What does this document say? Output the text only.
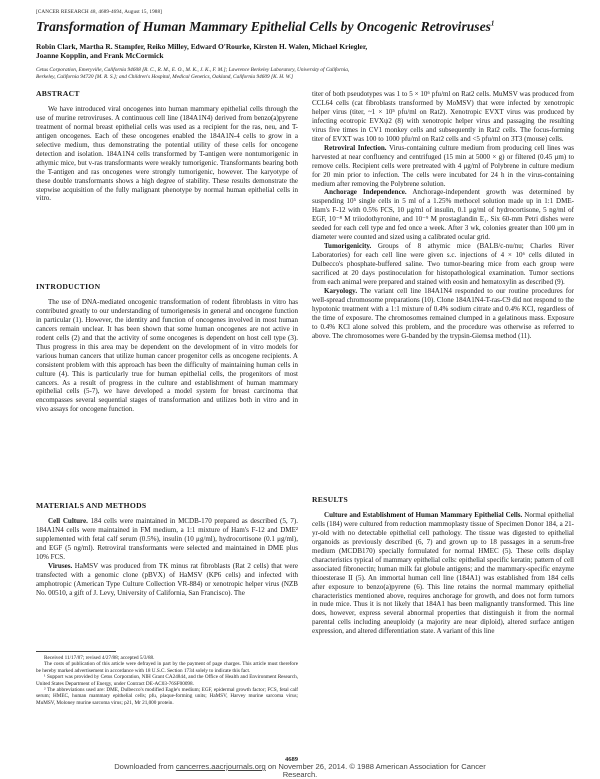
[CANCER RESEARCH 48, 4689-4694, August 15, 1988]
Transformation of Human Mammary Epithelial Cells by Oncogenic Retroviruses$^1$
Robin Clark, Martha R. Stampfer, Reiko Milley, Edward O'Rourke, Kirsten H. Walen, Michael Kriegler,
Joanne Kopplin, and Frank McCormick
Cetus Corporation, Emeryville, California 94608 [R. C., R. M., E. O., M. K., J. K., F. M.]; Lawrence Berkeley Laboratory, University of California,
Berkeley, California 94720 [M. R. S.]; and Children's Hospital, Medical Genetics, Oakland, California 94609 [K. H. W.]
ABSTRACT

We have introduced viral oncogenes into human mammary epithelial cells through the use of murine retroviruses. A continuous cell line (184A1N4) derived from benzo(a)pyrene treatment of normal breast epithelial cells was used as a recipient for the ras, neu, and T-antigen oncogenes. Each of these oncogenes enabled the 184A1N-4 cells to grow in a selective medium, thus demonstrating the potential utility of these cells for oncogene detection and isolation. 184A1N4 cells transformed by T-antigen were nontumorigenic in athymic mice, but v-ras transformants were weakly tumorigenic. Transformants bearing both the T-antigen and ras oncogenes were strongly tumorigenic, however. The karyotype of these double transformants shows a high degree of stability. These results demonstrate the stepwise acquisition of the fully malignant phenotype by normal human epithelial cells in vitro.

INTRODUCTION

The use of DNA-mediated oncogenic transformation of rodent fibroblasts in vitro has contributed greatly to our understanding of tumorigenesis in general and oncogene function in particular (1). However, the identity and function of oncogenes involved in most human cancers remain unclear. It has been shown that some human oncogenes are not active in rodent cells (2) and that the activity of some oncogenes is dependent on host cell type (3). Thus progress in this area may be dependent on the development of in vitro models for various human cancers that utilize human cancer progenitor cells as oncogene recipients. A consistent problem with this approach has been the difficulty of maintaining human cells in culture (4). This is particularly true for human epithelial cells, the progenitors of most cancers. As a result of progress in the culture and establishment of human mammary epithelial cells (5-7), we have developed a model system for breast carcinoma that encompasses several sequential stages of transformation and utilizes both in vitro and in vivo assays for oncogene function.

MATERIALS AND METHODS

Cell Culture. 184 cells were maintained in MCDB-170 prepared as described (5, 7). 184A1N4 cells were maintained in FM medium, a 1:1 mixture of Ham's F-12 and DME² supplemented with fetal calf serum (0.5%), insulin (10 μg/ml), hydrocortisone (0.1 μg/ml), and EGF (5 ng/ml). Retroviral transformants were selected and maintained in DME plus 10% FCS.

Viruses. HaMSV was produced from TK minus rat fibroblasts (Rat 2 cells) that were transfected with a genomic clone (pBVX) of HaMSV (KP6 cells) and infected with amphotropic (American Type Culture Collection VR-884) or xenotropic helper virus (NZB No. 00510, a gift of J. Levy, University of California, San Francisco). The

Received 11/17/87; revised 4/27/88; accepted 5/3/88.

The costs of publication of this article were defrayed in part by the payment of page charges. This article must therefore be hereby marked advertisement in accordance with 18 U.S.C. Section 1734 solely to indicate this fact.

¹ Support was provided by Cetus Corporation, NIH Grant CA24844, and the Office of Health and Environment Research, United States Department of Energy, under Contract DE-AC03-76SF00098.

² The abbreviations used are: DME, Dulbecco's modified Eagle's medium; EGF, epidermal growth factor; FCS, fetal calf serum; HMEC, human mammary epithelial cells; pfu, plaque-forming units; HaMSV, Harvey murine sarcoma virus; MuMSV, Moloney murine sarcoma virus; p21, Mr 21,000 protein.

titer of both pseudotypes was 1 to 5 × 10⁶ pfu/ml on Rat2 cells. MuMSV was produced from CCL64 cells (cat fibroblasts transformed by MoMSV) that were infected by xenotropic helper virus (titer, ~1 × 10⁵ pfu/ml on Rat2). Xenotropic EVXT virus was produced by infecting ecotropic EVXψ2 (8) with xenotropic helper virus and passaging the resulting virus five times in CV1 monkey cells and subsequently in Rat2 cells. The focus-forming titer of EVXT was 100 to 1000 pfu/ml on Rat2 cells and <5 pfu/ml on 3T3 (mouse) cells.

Retroviral Infection. Virus-containing culture medium from producing cell lines was harvested at near confluency and centrifuged (15 min at 5000 × g) or filtered (0.45 μm) to remove cells. Recipient cells were pretreated with 4 μg/ml of Polybrene in culture medium for 20 min prior to infection. The cells were incubated for 24 h in the virus-containing medium after removing the Polybrene solution.

Anchorage Independence. Anchorage-independent growth was determined by suspending 10⁵ single cells in 5 ml of a 1.25% methocel solution made up in 1:1 DME-Ham's F-12 with 0.5% FCS, 10 μg/ml of insulin, 0.1 μg/ml of hydrocortisone, 5 ng/ml of EGF, 10⁻⁸ M triiodothyronine, and 10⁻⁹ M prostaglandin E₁. Six 60-mm Petri dishes were seeded for each cell type and fed once a week. After 3 wk, colonies greater than 100 μm in diameter were counted and sized using a calibrated ocular grid.

Tumorigenicity. Groups of 8 athymic mice (BALB/c-nu/nu; Charles River Laboratories) for each cell line were given s.c. injections of 4 × 10⁶ cells diluted in Dulbecco's phosphate-buffered saline. Two tumor-bearing mice from each group were sacrificed at 20 days postinoculation for histopathological examination. Tumor sections from each animal were prepared and stained with eosin and hematoxylin as described (9).

Karyology. The variant cell line 184A1N4 responded to our routine procedures for well-spread chromosome preparations (10). Clone 184A1N4-T-ras-C9 did not respond to the hypotonic treatment with a 1:1 mixture of 0.4% sodium citrate and 0.4% KCl, regardless of the time of exposure. The chromosomes remained clumped in a gelatinous mass. Exposure to 0.4% KCl alone solved this problem, and the procedure was otherwise as referred to above. The chromosomes were G-banded by the trypsin-Giemsa method (11).

RESULTS

Culture and Establishment of Human Mammary Epithelial Cells. Normal epithelial cells (184) were cultured from reduction mammoplasty tissue of Specimen Donor 184, a 21-yr-old with no detectable epithelial cell pathology. The tissue was digested to epithelial organoids as previously described (6, 7) and grown up to 18 passages in a serum-free medium (MCDB170) specially formulated for normal HMEC (5). These cells display characteristics typical of mammary epithelial cells: epithelial specific keratin; pattern of cell associated fibronectin; human milk fat globule antigens; and the mammary-specific enzyme thioesterase II (5). An immortal human cell line (184A1) was established from 184 cells after exposure to benzo(a)pyrene (6). This line retains the normal mammary epithelial characteristics mentioned above, requires anchorage for growth, and does not form tumors in nude mice. Thus it is not likely that 184A1 has been malignantly transformed. This line does, however, express several abnormal properties that distinguish it from the normal parental cells including aneuploidy (a majority are near diploid), altered surface antigen expression, and altered differentiation state. A variant of this line

4689
Downloaded from cancerres.aacrjournals.org on November 26, 2014. © 1988 American Association for Cancer
Research.
